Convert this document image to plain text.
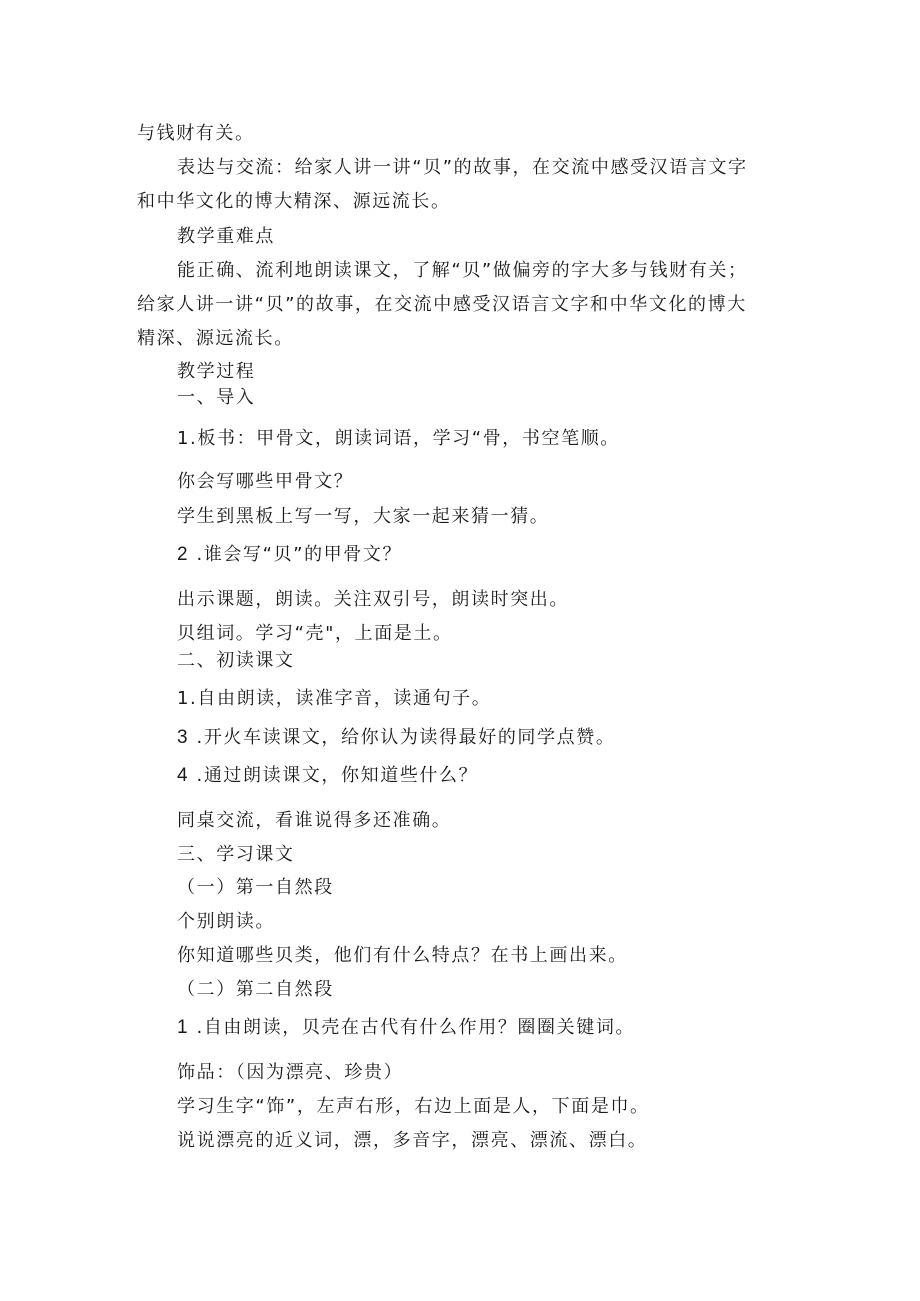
与钱财有关。
表达与交流：给家人讲一讲“贝”的故事，在交流中感受汉语言文字
和中华文化的博大精深、源远流长。
教学重难点
能正确、流利地朗读课文，了解“贝”做偏旁的字大多与钱财有关；
给家人讲一讲“贝”的故事，在交流中感受汉语言文字和中华文化的博大
精深、源远流长。
教学过程
一、导入
1.板书：甲骨文，朗读词语，学习“骨，书空笔顺。
你会写哪些甲骨文？
学生到黑板上写一写，大家一起来猜一猜。
2 .谁会写“贝”的甲骨文？
出示课题，朗读。关注双引号，朗读时突出。
贝组词。学习“壳"，上面是土。
二、初读课文
1.自由朗读，读准字音，读通句子。
3 .开火车读课文，给你认为读得最好的同学点赞。
4 .通过朗读课文，你知道些什么？
同桌交流，看谁说得多还准确。
三、学习课文
（一）第一自然段
个别朗读。
你知道哪些贝类，他们有什么特点？在书上画出来。
（二）第二自然段
1 .自由朗读，贝壳在古代有什么作用？圈圈关键词。
饰品：（因为漂亮、珍贵）
学习生字“饰”，左声右形，右边上面是人，下面是巾。
说说漂亮的近义词，漂，多音字，漂亮、漂流、漂白。
